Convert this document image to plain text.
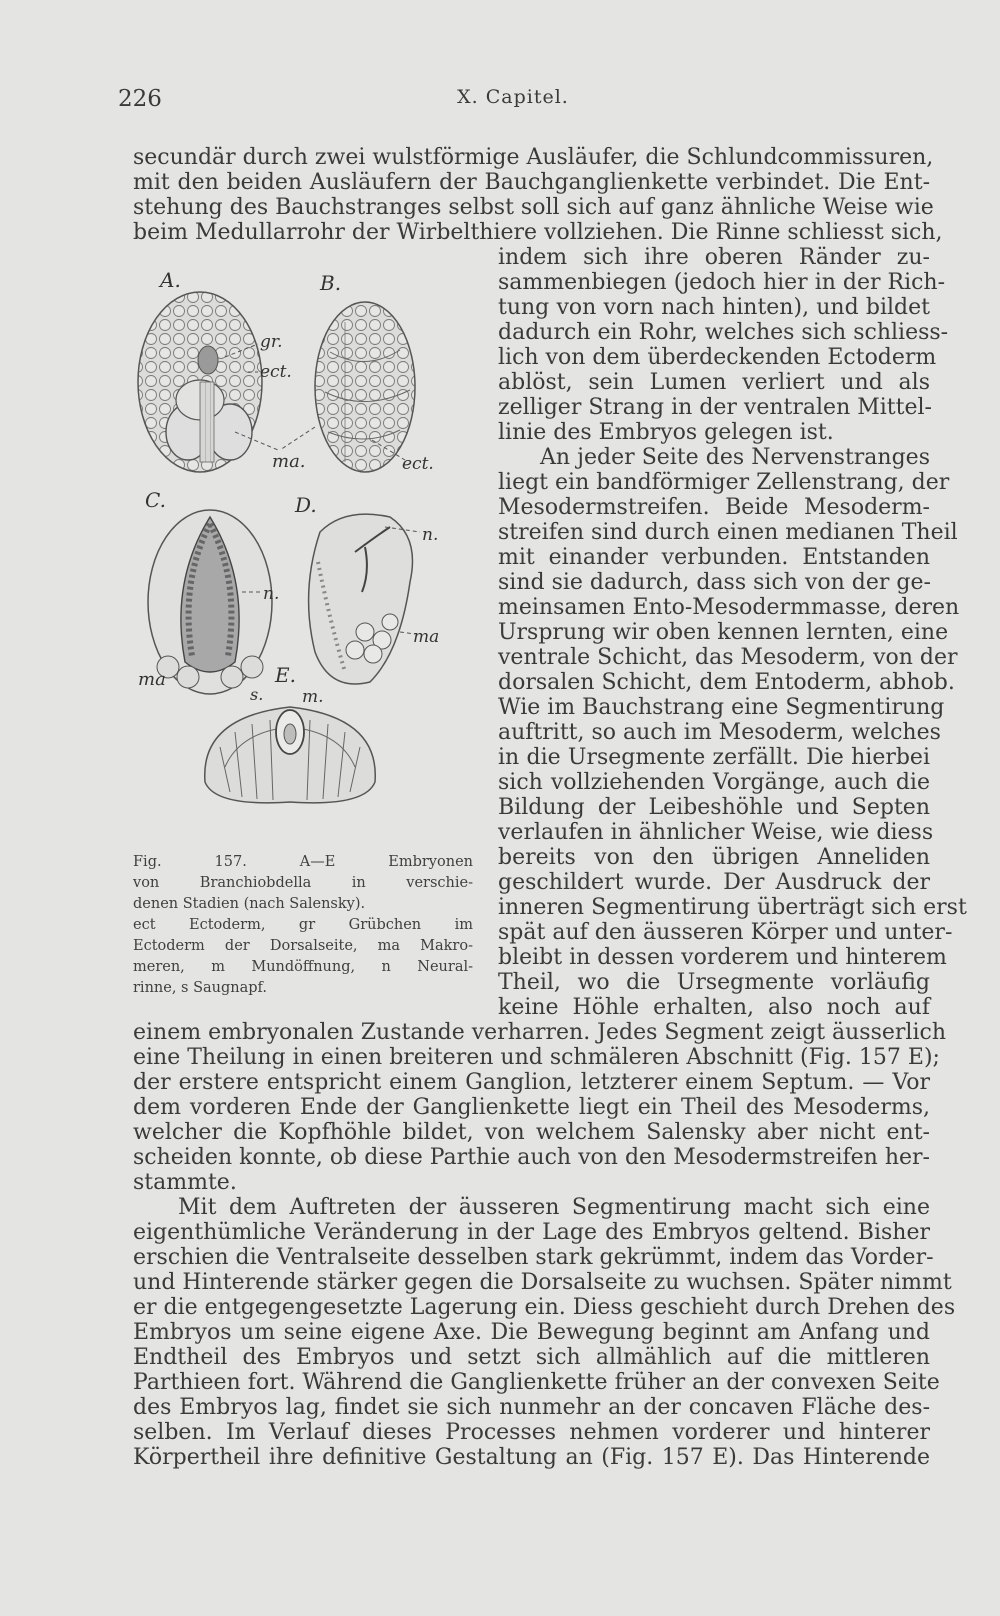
226	X. Capitel.
secundär durch zwei wulstförmige Ausläufer, die Schlundcommissuren,
mit den beiden Ausläufern der Bauchganglienkette verbindet. Die Ent-
stehung des Bauchstranges selbst soll sich auf ganz ähnliche Weise wie
beim Medullarrohr der Wirbelthiere vollziehen. Die Rinne schliesst sich,
indem sich ihre oberen Ränder zu-
sammenbiegen (jedoch hier in der Rich-
tung von vorn nach hinten), und bildet
dadurch ein Rohr, welches sich schliess-
lich von dem überdeckenden Ectoderm
ablöst, sein Lumen verliert und als
zelliger Strang in der ventralen Mittel-
linie des Embryos gelegen ist.
An jeder Seite des Nervenstranges
liegt ein bandförmiger Zellenstrang, der
Mesodermstreifen. Beide Mesoderm-
streifen sind durch einen medianen Theil
mit einander verbunden. Entstanden
sind sie dadurch, dass sich von der ge-
meinsamen Ento-Mesodermmasse, deren
Ursprung wir oben kennen lernten, eine
ventrale Schicht, das Mesoderm, von der
dorsalen Schicht, dem Entoderm, abhob.
Wie im Bauchstrang eine Segmentirung
auftritt, so auch im Mesoderm, welches
in die Ursegmente zerfällt. Die hierbei
sich vollziehenden Vorgänge, auch die
Bildung der Leibeshöhle und Septen
verlaufen in ähnlicher Weise, wie diess
bereits von den übrigen Anneliden
geschildert wurde. Der Ausdruck der
inneren Segmentirung überträgt sich erst
spät auf den äusseren Körper und unter-
bleibt in dessen vorderem und hinterem
Theil, wo die Ursegmente vorläufig
keine Höhle erhalten, also noch auf
einem embryonalen Zustande verharren. Jedes Segment zeigt äusserlich
eine Theilung in einen breiteren und schmäleren Abschnitt (Fig. 157 E);
der erstere entspricht einem Ganglion, letzterer einem Septum. — Vor
dem vorderen Ende der Ganglienkette liegt ein Theil des Mesoderms,
welcher die Kopfhöhle bildet, von welchem Salensky aber nicht ent-
scheiden konnte, ob diese Parthie auch von den Mesodermstreifen her-
stammte.
Mit dem Auftreten der äusseren Segmentirung macht sich eine
eigenthümliche Veränderung in der Lage des Embryos geltend. Bisher
erschien die Ventralseite desselben stark gekrümmt, indem das Vorder-
und Hinterende stärker gegen die Dorsalseite zu wuchsen. Später nimmt
er die entgegengesetzte Lagerung ein. Diess geschieht durch Drehen des
Embryos um seine eigene Axe. Die Bewegung beginnt am Anfang und
Endtheil des Embryos und setzt sich allmählich auf die mittleren
Parthieen fort. Während die Ganglienkette früher an der convexen Seite
des Embryos lag, findet sie sich nunmehr an der concaven Fläche des-
selben. Im Verlauf dieses Processes nehmen vorderer und hinterer
Körpertheil ihre definitive Gestaltung an (Fig. 157 E). Das Hinterende
A.	B.
gr.
ect.
ma.	ect.
C.	D.
n.
n.
ma
E.
ma
s. m.
Fig. 157. A—E Embryonen
von Branchiobdella in verschie-
denen Stadien (nach Salensky).
ect Ectoderm, gr Grübchen im
Ectoderm der Dorsalseite, ma Makro-
meren, m Mundöffnung, n Neural-
rinne, s Saugnapf.
